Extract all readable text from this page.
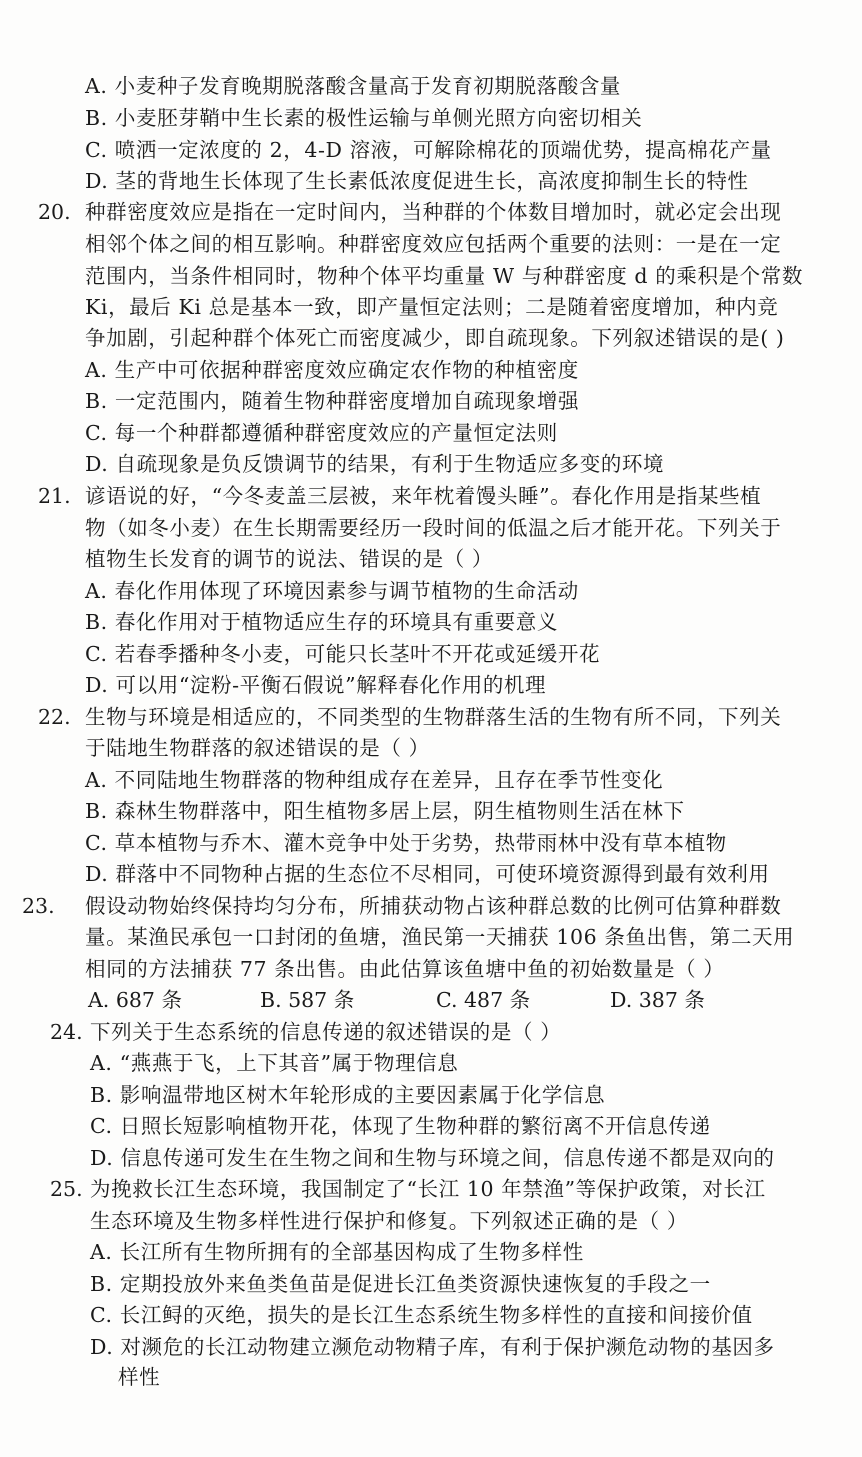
A. 小麦种子发育晚期脱落酸含量高于发育初期脱落酸含量
B. 小麦胚芽鞘中生长素的极性运输与单侧光照方向密切相关
C. 喷洒一定浓度的 2，4-D 溶液，可解除棉花的顶端优势，提高棉花产量
D. 茎的背地生长体现了生长素低浓度促进生长，高浓度抑制生长的特性
20. 种群密度效应是指在一定时间内，当种群的个体数目增加时，就必定会出现
相邻个体之间的相互影响。种群密度效应包括两个重要的法则：一是在一定
范围内，当条件相同时，物种个体平均重量 W 与种群密度 d 的乘积是个常数
Ki，最后 Ki 总是基本一致，即产量恒定法则；二是随着密度增加，种内竞
争加剧，引起种群个体死亡而密度减少，即自疏现象。下列叙述错误的是( )
A. 生产中可依据种群密度效应确定农作物的种植密度
B. 一定范围内，随着生物种群密度增加自疏现象增强
C. 每一个种群都遵循种群密度效应的产量恒定法则
D. 自疏现象是负反馈调节的结果，有利于生物适应多变的环境
21. 谚语说的好，“今冬麦盖三层被，来年枕着馒头睡”。春化作用是指某些植
物（如冬小麦）在生长期需要经历一段时间的低温之后才能开花。下列关于
植物生长发育的调节的说法、错误的是（ ）
A. 春化作用体现了环境因素参与调节植物的生命活动
B. 春化作用对于植物适应生存的环境具有重要意义
C. 若春季播种冬小麦，可能只长茎叶不开花或延缓开花
D. 可以用“淀粉-平衡石假说”解释春化作用的机理
22. 生物与环境是相适应的，不同类型的生物群落生活的生物有所不同，下列关
于陆地生物群落的叙述错误的是（ ）
A. 不同陆地生物群落的物种组成存在差异，且存在季节性变化
B. 森林生物群落中，阳生植物多居上层，阴生植物则生活在林下
C. 草本植物与乔木、灌木竞争中处于劣势，热带雨林中没有草本植物
D. 群落中不同物种占据的生态位不尽相同，可使环境资源得到最有效利用
23. 假设动物始终保持均匀分布，所捕获动物占该种群总数的比例可估算种群数
量。某渔民承包一口封闭的鱼塘，渔民第一天捕获 106 条鱼出售，第二天用
相同的方法捕获 77 条出售。由此估算该鱼塘中鱼的初始数量是（ ）
A. 687 条	B. 587 条	C. 487 条	D. 387 条
24. 下列关于生态系统的信息传递的叙述错误的是（ ）
A. “燕燕于飞，上下其音”属于物理信息
B. 影响温带地区树木年轮形成的主要因素属于化学信息
C. 日照长短影响植物开花，体现了生物种群的繁衍离不开信息传递
D. 信息传递可发生在生物之间和生物与环境之间，信息传递不都是双向的
25. 为挽救长江生态环境，我国制定了“长江 10 年禁渔”等保护政策，对长江
生态环境及生物多样性进行保护和修复。下列叙述正确的是（ ）
A. 长江所有生物所拥有的全部基因构成了生物多样性
B. 定期投放外来鱼类鱼苗是促进长江鱼类资源快速恢复的手段之一
C. 长江鲟的灭绝，损失的是长江生态系统生物多样性的直接和间接价值
D. 对濒危的长江动物建立濒危动物精子库，有利于保护濒危动物的基因多
样性
